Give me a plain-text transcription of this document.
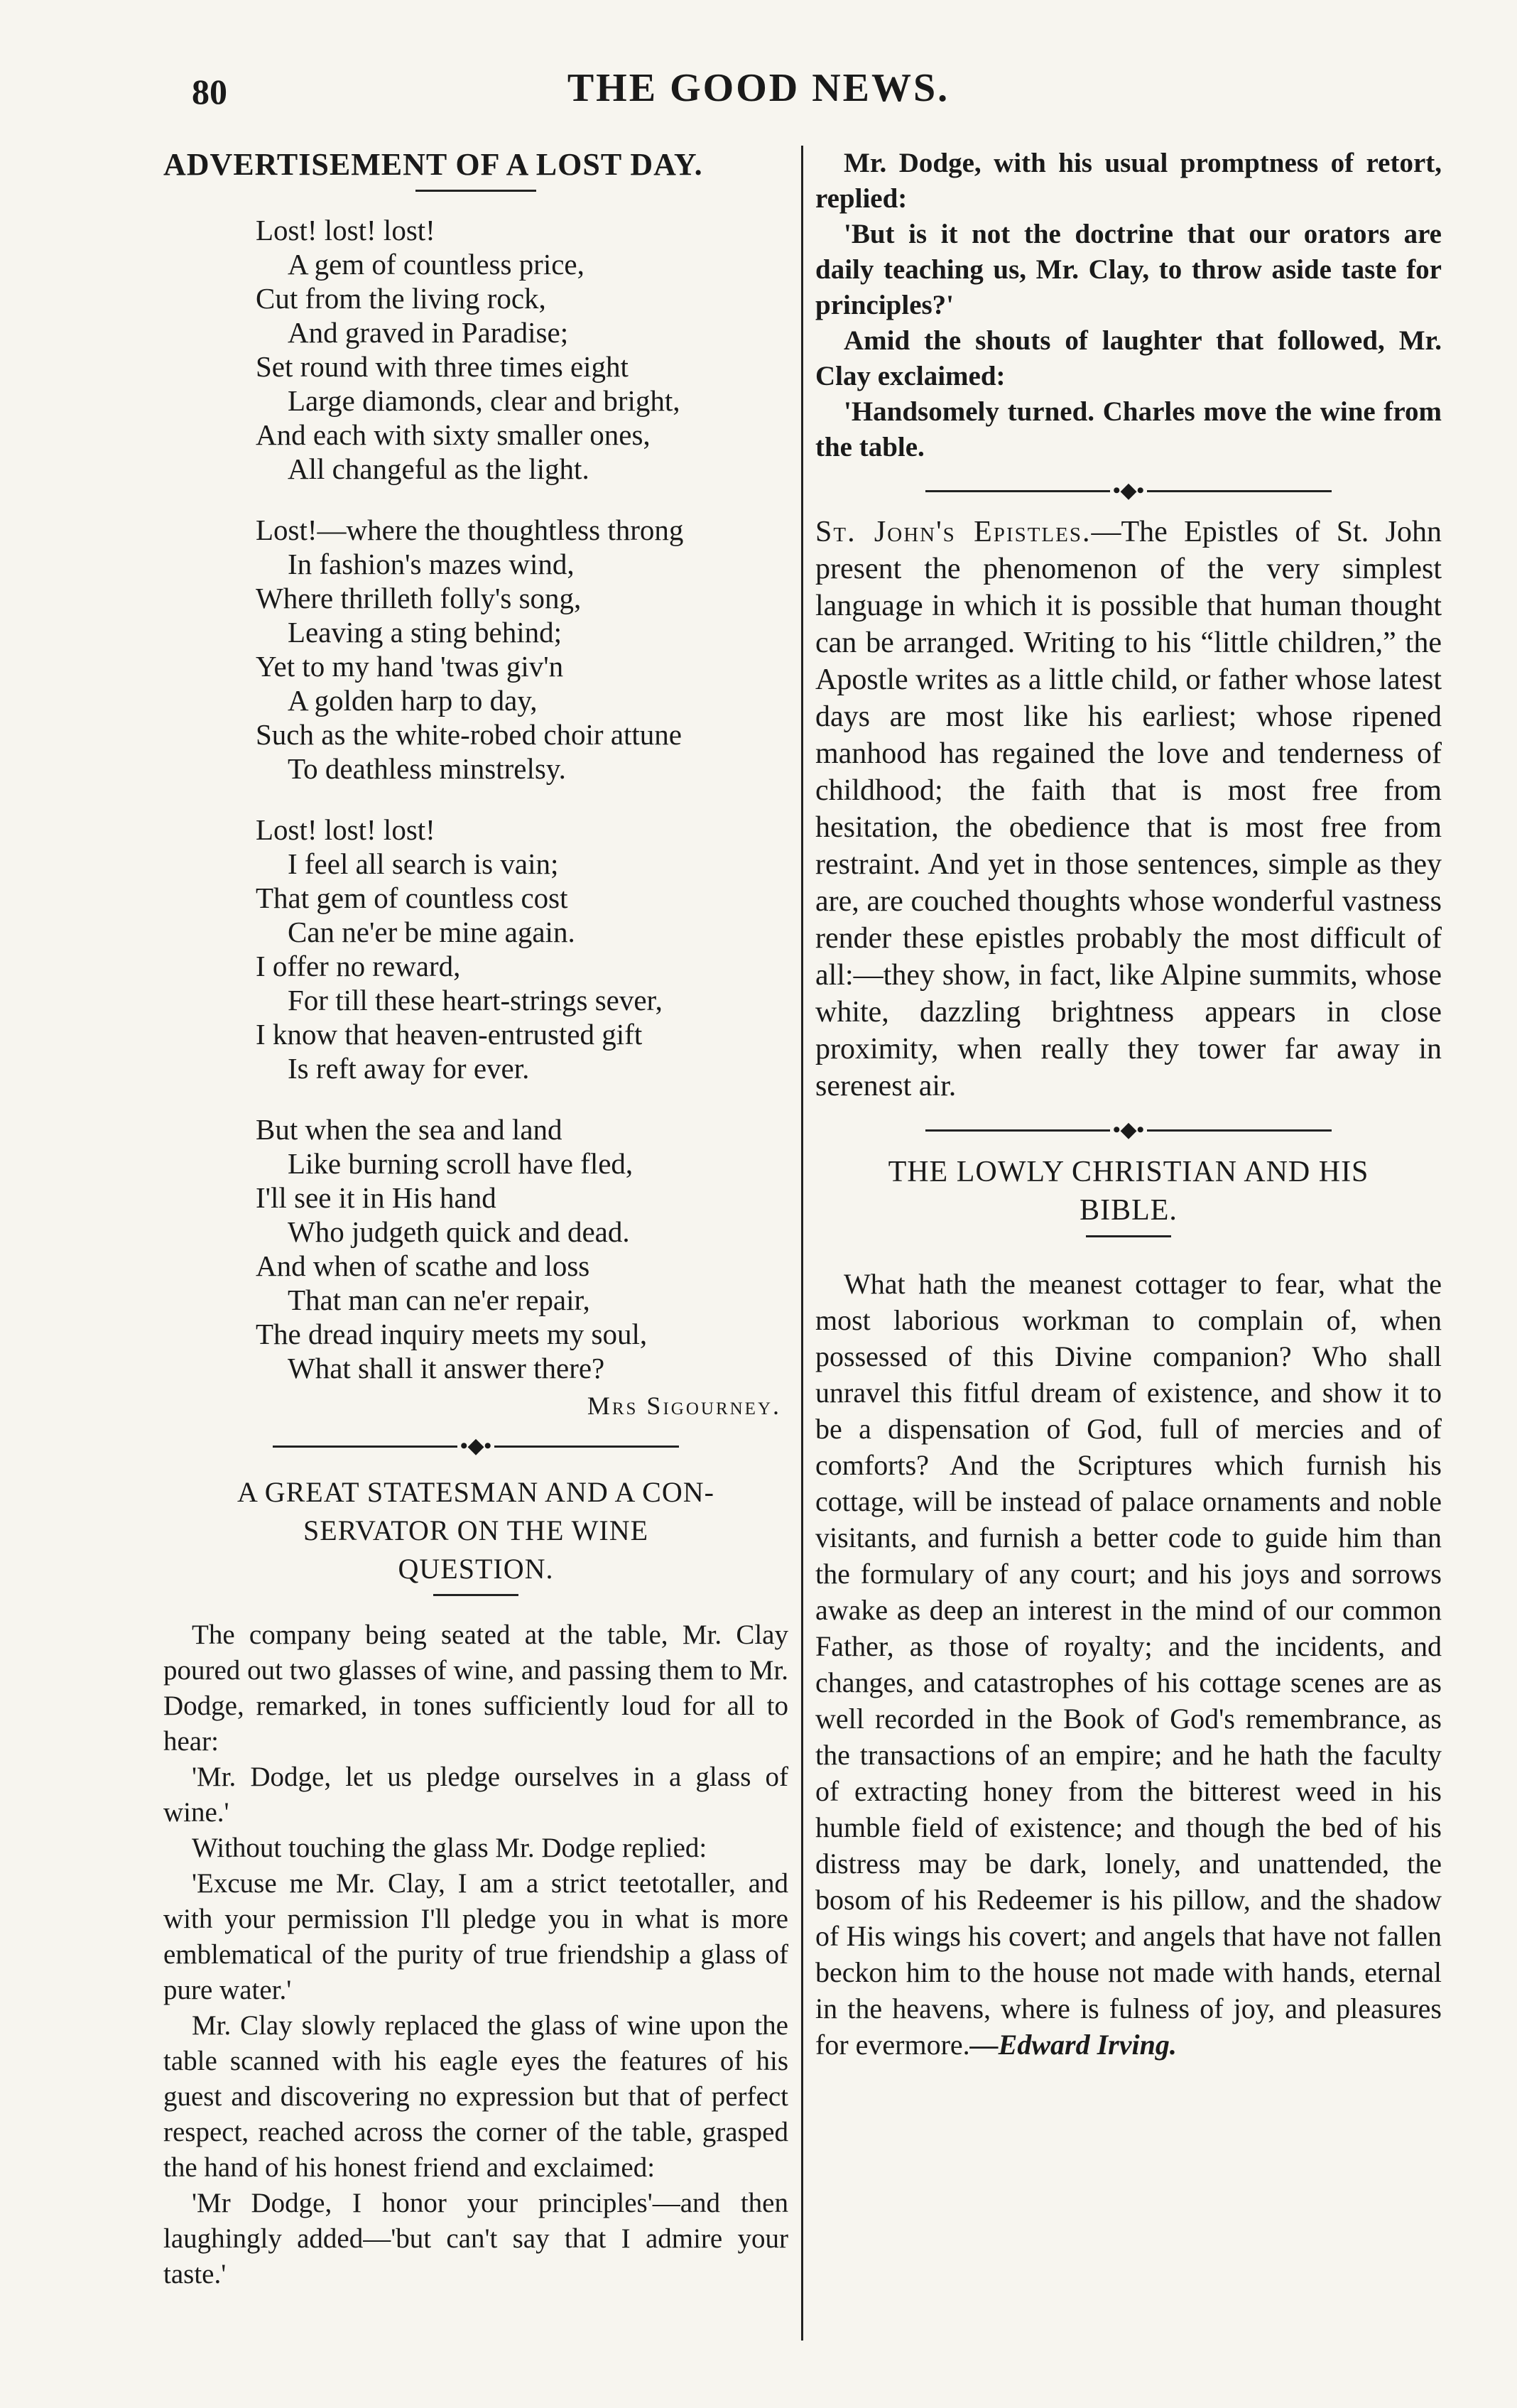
80	THE GOOD NEWS.
ADVERTISEMENT OF A LOST DAY.
Lost! lost! lost!
A gem of countless price,
Cut from the living rock,
And graved in Paradise;
Set round with three times eight
Large diamonds, clear and bright,
And each with sixty smaller ones,
All changeful as the light.
Lost!—where the thoughtless throng
In fashion's mazes wind,
Where thrilleth folly's song,
Leaving a sting behind;
Yet to my hand 'twas giv'n
A golden harp to day,
Such as the white-robed choir attune
To deathless minstrelsy.
Lost! lost! lost!
I feel all search is vain;
That gem of countless cost
Can ne'er be mine again.
I offer no reward,
For till these heart-strings sever,
I know that heaven-entrusted gift
Is reft away for ever.
But when the sea and land
Like burning scroll have fled,
I'll see it in His hand
Who judgeth quick and dead.
And when of scathe and loss
That man can ne'er repair,
The dread inquiry meets my soul,
What shall it answer there?
Mrs Sigourney.
•◆•
A GREAT STATESMAN AND A CON-
SERVATOR ON THE WINE
QUESTION.

The company being seated at the table, Mr. Clay poured out two glasses of wine, and passing them to Mr. Dodge, remarked, in tones sufficiently loud for all to hear:

'Mr. Dodge, let us pledge ourselves in a glass of wine.'

Without touching the glass Mr. Dodge replied:

'Excuse me Mr. Clay, I am a strict teetotaller, and with your permission I'll pledge you in what is more emblematical of the purity of true friendship a glass of pure water.'

Mr. Clay slowly replaced the glass of wine upon the table scanned with his eagle eyes the features of his guest and discovering no expression but that of perfect respect, reached across the corner of the table, grasped the hand of his honest friend and exclaimed:

'Mr Dodge, I honor your principles'—and then laughingly added—'but can't say that I admire your taste.'

Mr. Dodge, with his usual promptness of retort, replied:

'But is it not the doctrine that our orators are daily teaching us, Mr. Clay, to throw aside taste for principles?'

Amid the shouts of laughter that followed, Mr. Clay exclaimed:

'Handsomely turned. Charles move the wine from the table.

•◆•

St. John's Epistles.—The Epistles of St. John present the phenomenon of the very simplest language in which it is possible that human thought can be arranged. Writing to his “little children,” the Apostle writes as a little child, or father whose latest days are most like his earliest; whose ripened manhood has regained the love and tenderness of childhood; the faith that is most free from hesitation, the obedience that is most free from restraint. And yet in those sentences, simple as they are, are couched thoughts whose wonderful vastness render these epistles probably the most difficult of all:—they show, in fact, like Alpine summits, whose white, dazzling brightness appears in close proximity, when really they tower far away in serenest air.

•◆•
THE LOWLY CHRISTIAN AND HIS
BIBLE.

What hath the meanest cottager to fear, what the most laborious workman to complain of, when possessed of this Divine companion? Who shall unravel this fitful dream of existence, and show it to be a dispensation of God, full of mercies and of comforts? And the Scriptures which furnish his cottage, will be instead of palace ornaments and noble visitants, and furnish a better code to guide him than the formulary of any court; and his joys and sorrows awake as deep an interest in the mind of our common Father, as those of royalty; and the incidents, and changes, and catastrophes of his cottage scenes are as well recorded in the Book of God's remembrance, as the transactions of an empire; and he hath the faculty of extracting honey from the bitterest weed in his humble field of existence; and though the bed of his distress may be dark, lonely, and unattended, the bosom of his Redeemer is his pillow, and the shadow of His wings his covert; and angels that have not fallen beckon him to the house not made with hands, eternal in the heavens, where is fulness of joy, and pleasures for evermore.—Edward Irving.
